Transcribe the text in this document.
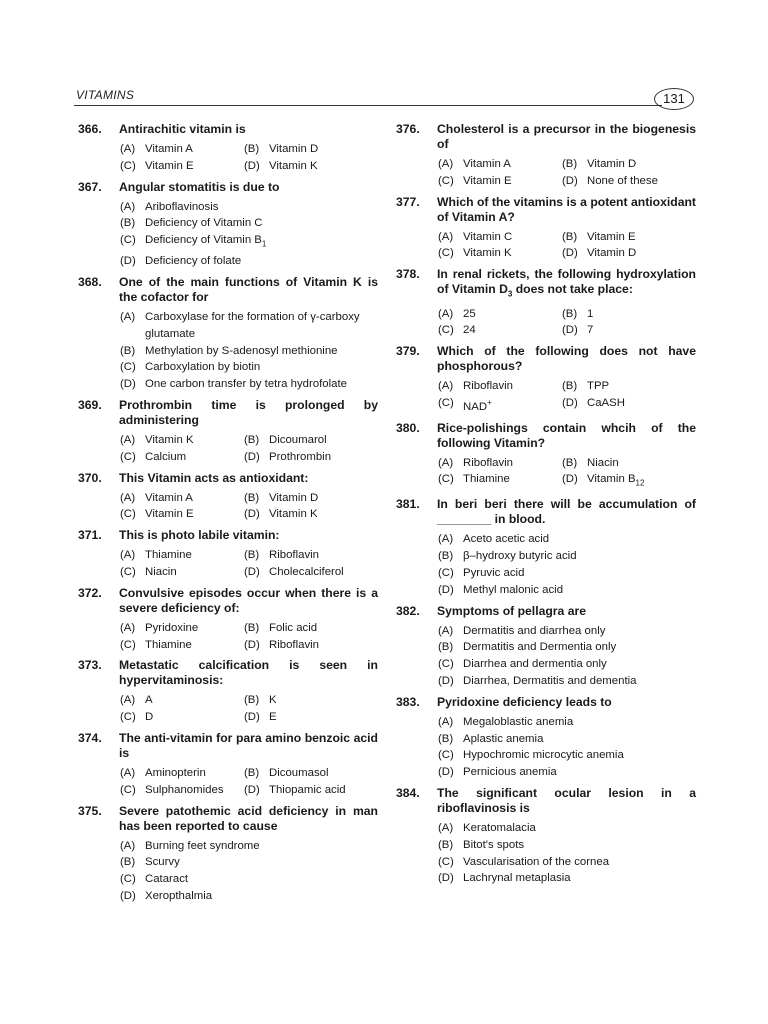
VITAMINS	131
366.	Antirachitic vitamin is
(A) Vitamin A	(B) Vitamin D
(C) Vitamin E	(D) Vitamin K
367.	Angular stomatitis is due to
(A) Ariboflavinosis
(B) Deficiency of Vitamin C
(C) Deficiency of Vitamin $B_1$
(D) Deficiency of folate
368.	One of the main functions of Vitamin K is the cofactor for
(A) Carboxylase for the formation of γ-carboxy glutamate
(B) Methylation by S-adenosyl methionine
(C) Carboxylation by biotin
(D) One carbon transfer by tetra hydrofolate
369.	Prothrombin time is prolonged by administering
(A) Vitamin K	(B) Dicoumarol
(C) Calcium	(D) Prothrombin
370.	This Vitamin acts as antioxidant:
(A) Vitamin A	(B) Vitamin D
(C) Vitamin E	(D) Vitamin K
371.	This is photo labile vitamin:
(A) Thiamine	(B) Riboflavin
(C) Niacin	(D) Cholecalciferol
372.	Convulsive episodes occur when there is a severe deficiency of:
(A) Pyridoxine	(B) Folic acid
(C) Thiamine	(D) Riboflavin
373.	Metastatic calcification is seen in hypervitaminosis:
(A) A	(B) K
(C) D	(D) E
374.	The anti-vitamin for para amino benzoic acid is
(A) Aminopterin	(B) Dicoumasol
(C) Sulphanomides	(D) Thiopamic acid
375.	Severe patothemic acid deficiency in man has been reported to cause
(A) Burning feet syndrome
(B) Scurvy
(C) Cataract
(D) Xeropthalmia
376.	Cholesterol is a precursor in the biogenesis of
(A) Vitamin A	(B) Vitamin D
(C) Vitamin E	(D) None of these
377.	Which of the vitamins is a potent antioxidant of Vitamin A?
(A) Vitamin C	(B) Vitamin E
(C) Vitamin K	(D) Vitamin D
378.	In renal rickets, the following hydroxylation of Vitamin $D_3$ does not take place:
(A) 25	(B) 1
(C) 24	(D) 7
379.	Which of the following does not have phosphorous?
(A) Riboflavin	(B) TPP
(C) NAD+	(D) CaASH
380.	Rice-polishings contain whcih of the following Vitamin?
(A) Riboflavin	(B) Niacin
(C) Thiamine	(D) Vitamin $B_{12}$
381.	In beri beri there will be accumulation of ________ in blood.
(A) Aceto acetic acid
(B) β–hydroxy butyric acid
(C) Pyruvic acid
(D) Methyl malonic acid
382.	Symptoms of pellagra are
(A) Dermatitis and diarrhea only
(B) Dermatitis and Dermentia only
(C) Diarrhea and dermentia only
(D) Diarrhea, Dermatitis and dementia
383.	Pyridoxine deficiency leads to
(A) Megaloblastic anemia
(B) Aplastic anemia
(C) Hypochromic microcytic anemia
(D) Pernicious anemia
384.	The significant ocular lesion in a riboflavinosis is
(A) Keratomalacia
(B) Bitot's spots
(C) Vascularisation of the cornea
(D) Lachrynal metaplasia
